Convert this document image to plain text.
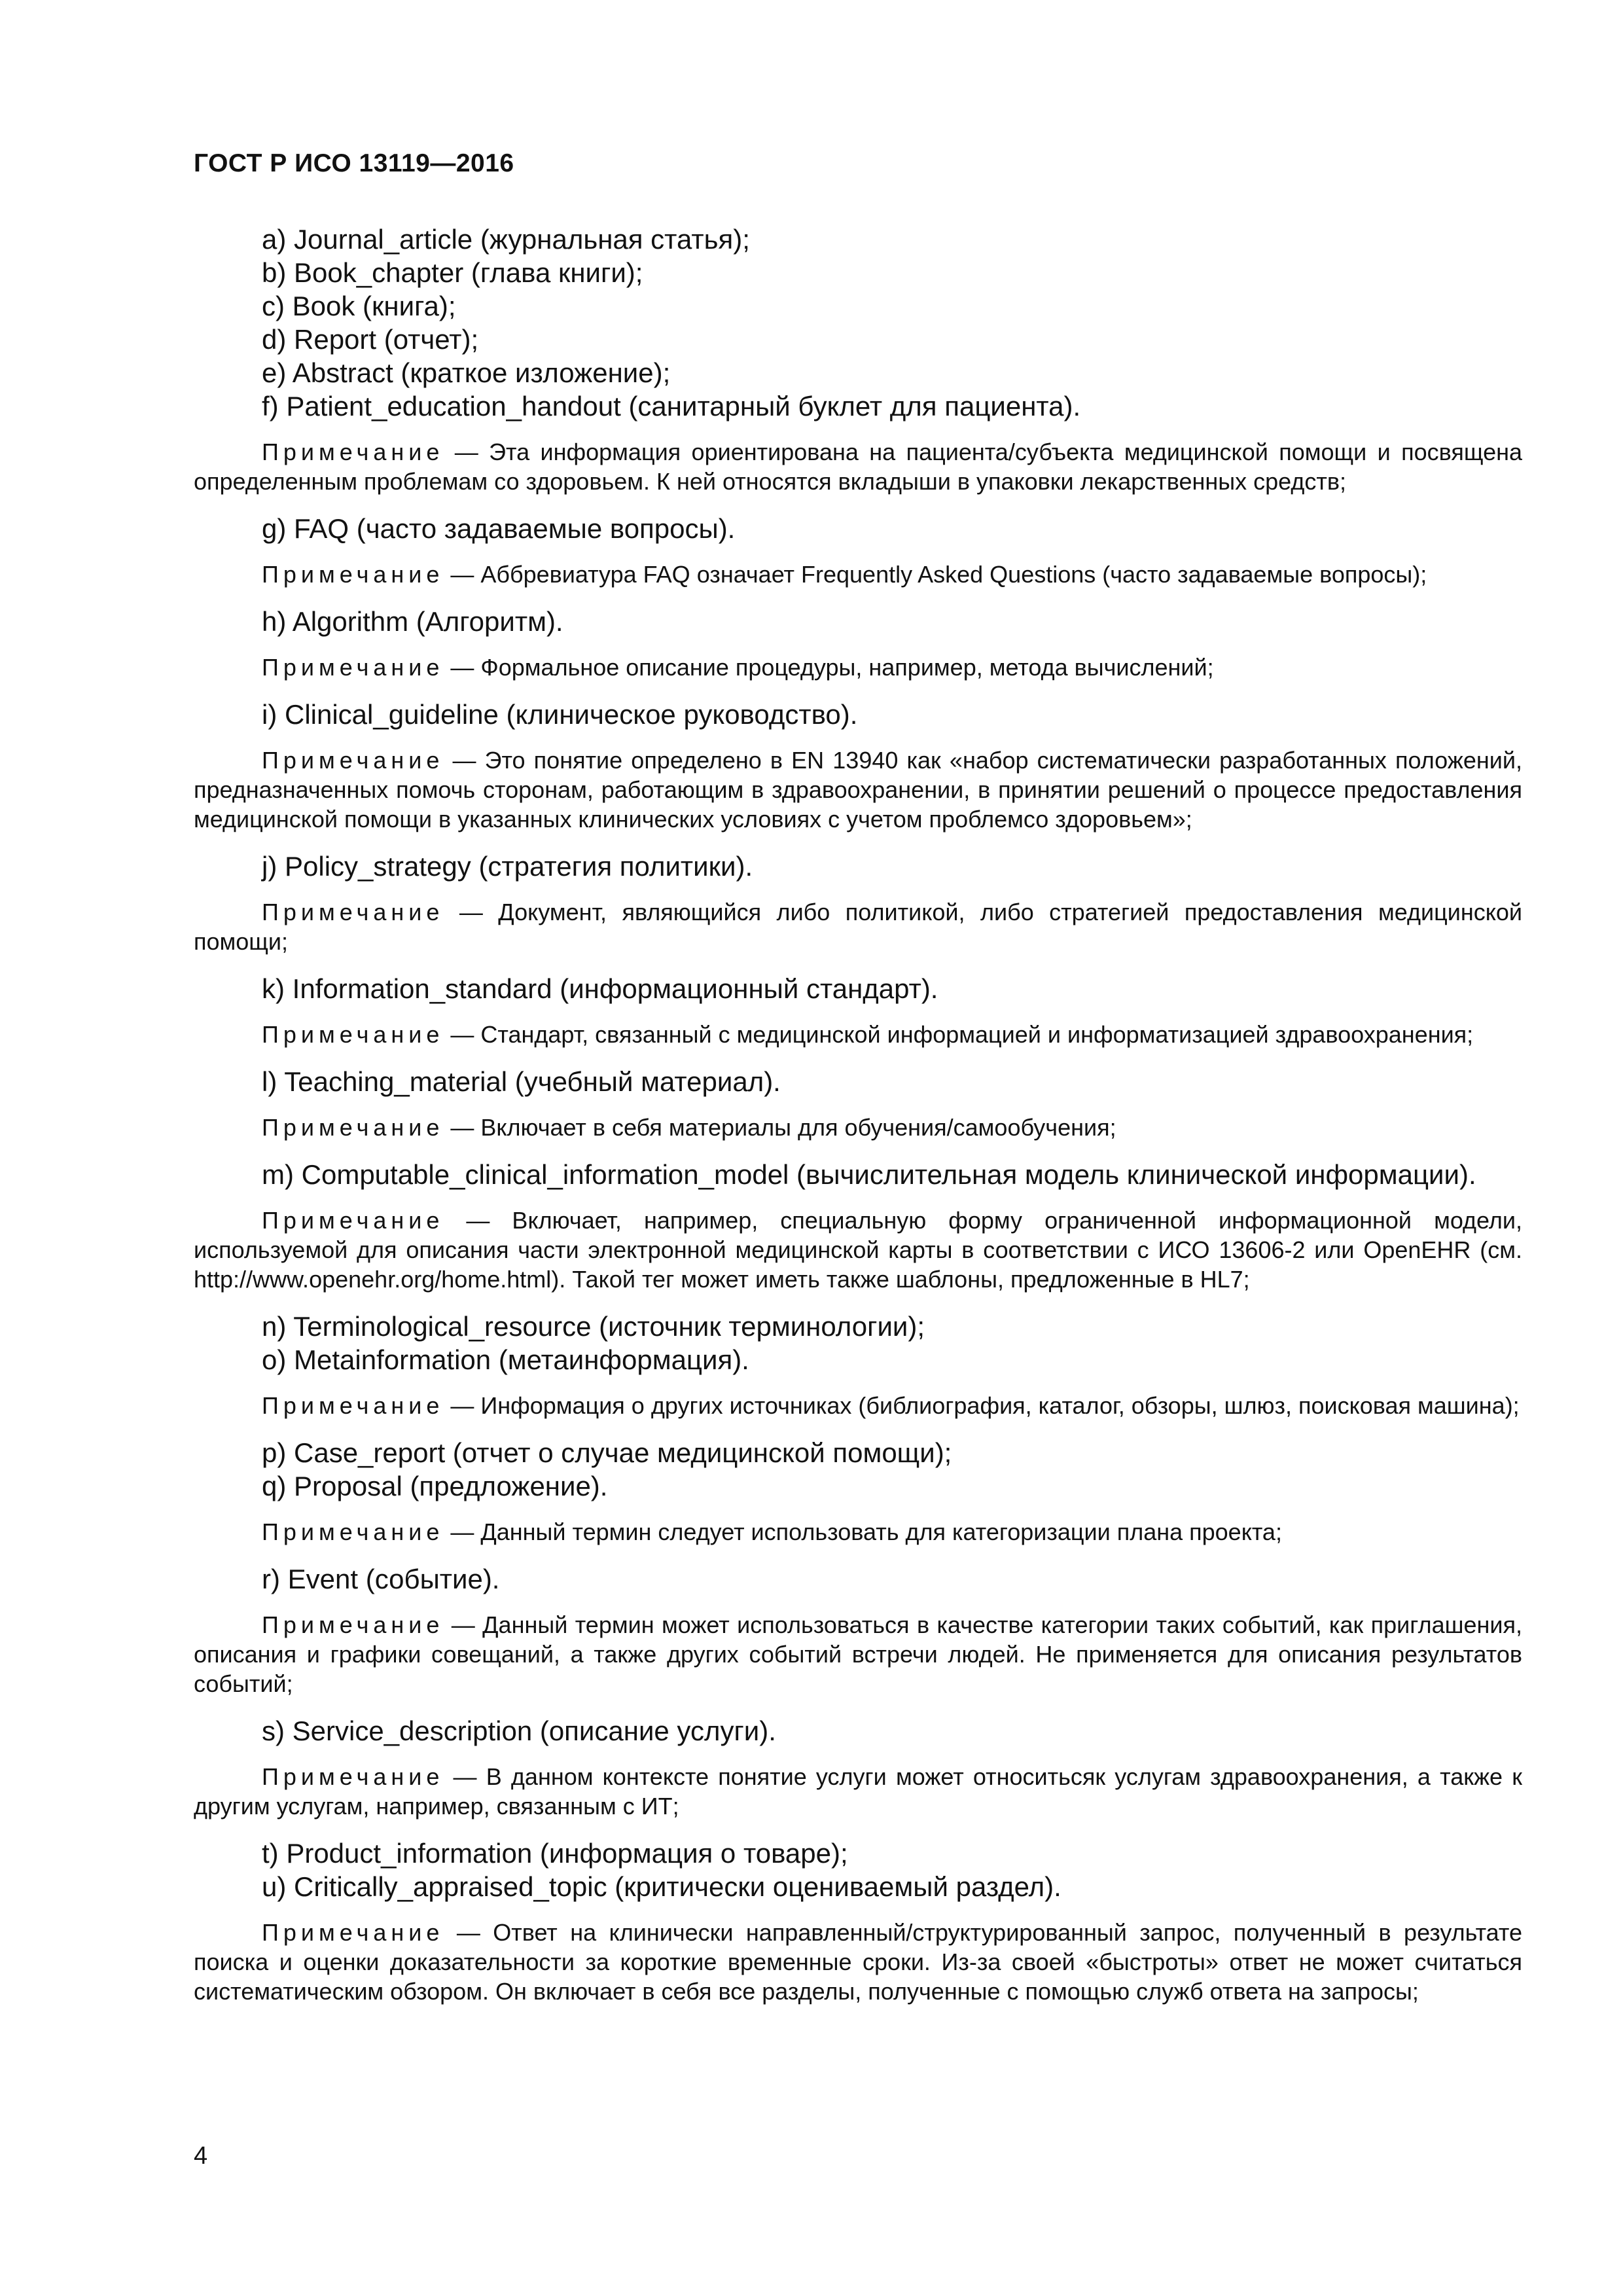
ГОСТ Р ИСО 13119—2016
a) Journal_article (журнальная статья);
b) Book_chapter (глава книги);
c) Book (книга);
d) Report (отчет);
e) Abstract (краткое изложение);
f) Patient_education_handout (санитарный буклет для пациента).
Примечание — Эта информация ориентирована на пациента/субъекта медицинской помощи и посвящена определенным проблемам со здоровьем. К ней относятся вкладыши в упаковки лекарственных средств;
g) FAQ (часто задаваемые вопросы).
Примечание — Аббревиатура FAQ означает Frequently Asked Questions (часто задаваемые вопросы);
h) Algorithm (Алгоритм).
Примечание — Формальное описание процедуры, например, метода вычислений;
i) Clinical_guideline (клиническое руководство).
Примечание — Это понятие определено в EN 13940 как «набор систематически разработанных положений, предназначенных помочь сторонам, работающим в здравоохранении, в принятии решений о процессе предоставления медицинской помощи в указанных клинических условиях с учетом проблемсо здоровьем»;
j) Policy_strategy (стратегия политики).
Примечание — Документ, являющийся либо политикой, либо стратегией предоставления медицинской помощи;
k) Information_standard (информационный стандарт).
Примечание — Стандарт, связанный с медицинской информацией и информатизацией здравоохранения;
l) Teaching_material (учебный материал).
Примечание — Включает в себя материалы для обучения/самообучения;
m) Computable_clinical_information_model (вычислительная модель клинической информации).
Примечание — Включает, например, специальную форму ограниченной информационной модели, используемой для описания части электронной медицинской карты в соответствии с ИСО 13606-2 или OpenEHR (см. http://www.openehr.org/home.html). Такой тег может иметь также шаблоны, предложенные в HL7;
n) Terminological_resource (источник терминологии);
o) Metainformation (метаинформация).
Примечание — Информация о других источниках (библиография, каталог, обзоры, шлюз, поисковая машина);
p) Case_report (отчет о случае медицинской помощи);
q) Proposal (предложение).
Примечание — Данный термин следует использовать для категоризации плана проекта;
r) Event (событие).
Примечание — Данный термин может использоваться в качестве категории таких событий, как приглашения, описания и графики совещаний, а также других событий встречи людей. Не применяется для описания результатов событий;
s) Service_description (описание услуги).
Примечание — В данном контексте понятие услуги может относитьсяк услугам здравоохранения, а также к другим услугам, например, связанным с ИТ;
t) Product_information (информация о товаре);
u) Critically_appraised_topic (критически оцениваемый раздел).
Примечание — Ответ на клинически направленный/структурированный запрос, полученный в результате поиска и оценки доказательности за короткие временные сроки. Из-за своей «быстроты» ответ не может считаться систематическим обзором. Он включает в себя все разделы, полученные с помощью служб ответа на запросы;
4
